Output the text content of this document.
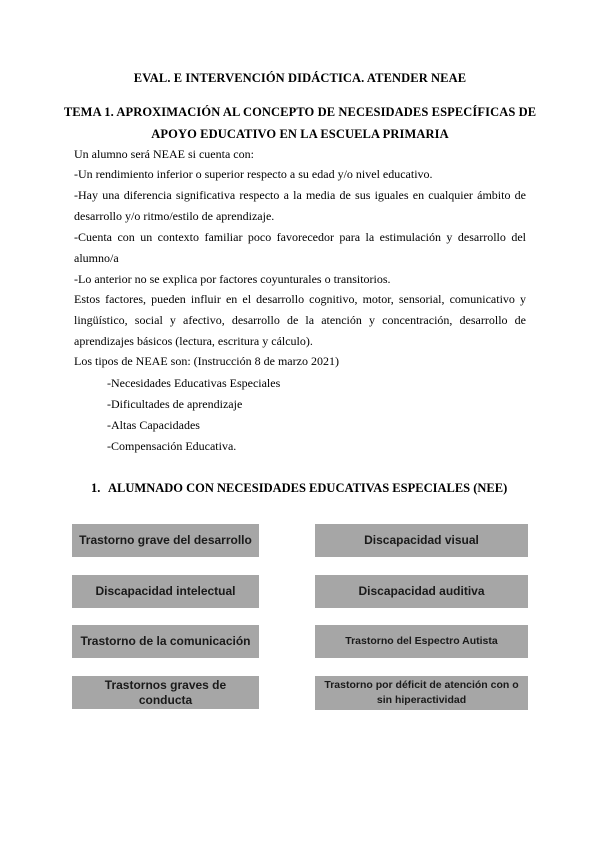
EVAL. E INTERVENCIÓN DIDÁCTICA. ATENDER NEAE
TEMA 1. APROXIMACIÓN AL CONCEPTO DE NECESIDADES ESPECÍFICAS DE
APOYO EDUCATIVO EN LA ESCUELA PRIMARIA
Un alumno será NEAE si cuenta con:
-Un rendimiento inferior o superior respecto a su edad y/o nivel educativo.
-Hay una diferencia significativa respecto a la media de sus iguales en cualquier ámbito de desarrollo y/o ritmo/estilo de aprendizaje.
-Cuenta con un contexto familiar poco favorecedor para la estimulación y desarrollo del alumno/a
-Lo anterior no se explica por factores coyunturales o transitorios.
Estos factores, pueden influir en el desarrollo cognitivo, motor, sensorial, comunicativo y lingüístico, social y afectivo, desarrollo de la atención y concentración, desarrollo de aprendizajes básicos (lectura, escritura y cálculo).
Los tipos de NEAE son: (Instrucción 8 de marzo 2021)
-Necesidades Educativas Especiales
-Dificultades de aprendizaje
-Altas Capacidades
-Compensación Educativa.
1. ALUMNADO CON NECESIDADES EDUCATIVAS ESPECIALES (NEE)
Trastorno grave del desarrollo
Discapacidad intelectual
Trastorno de la comunicación
Trastornos graves de conducta
Discapacidad visual
Discapacidad auditiva
Trastorno del Espectro Autista
Trastorno por déficit de atención con o sin hiperactividad
